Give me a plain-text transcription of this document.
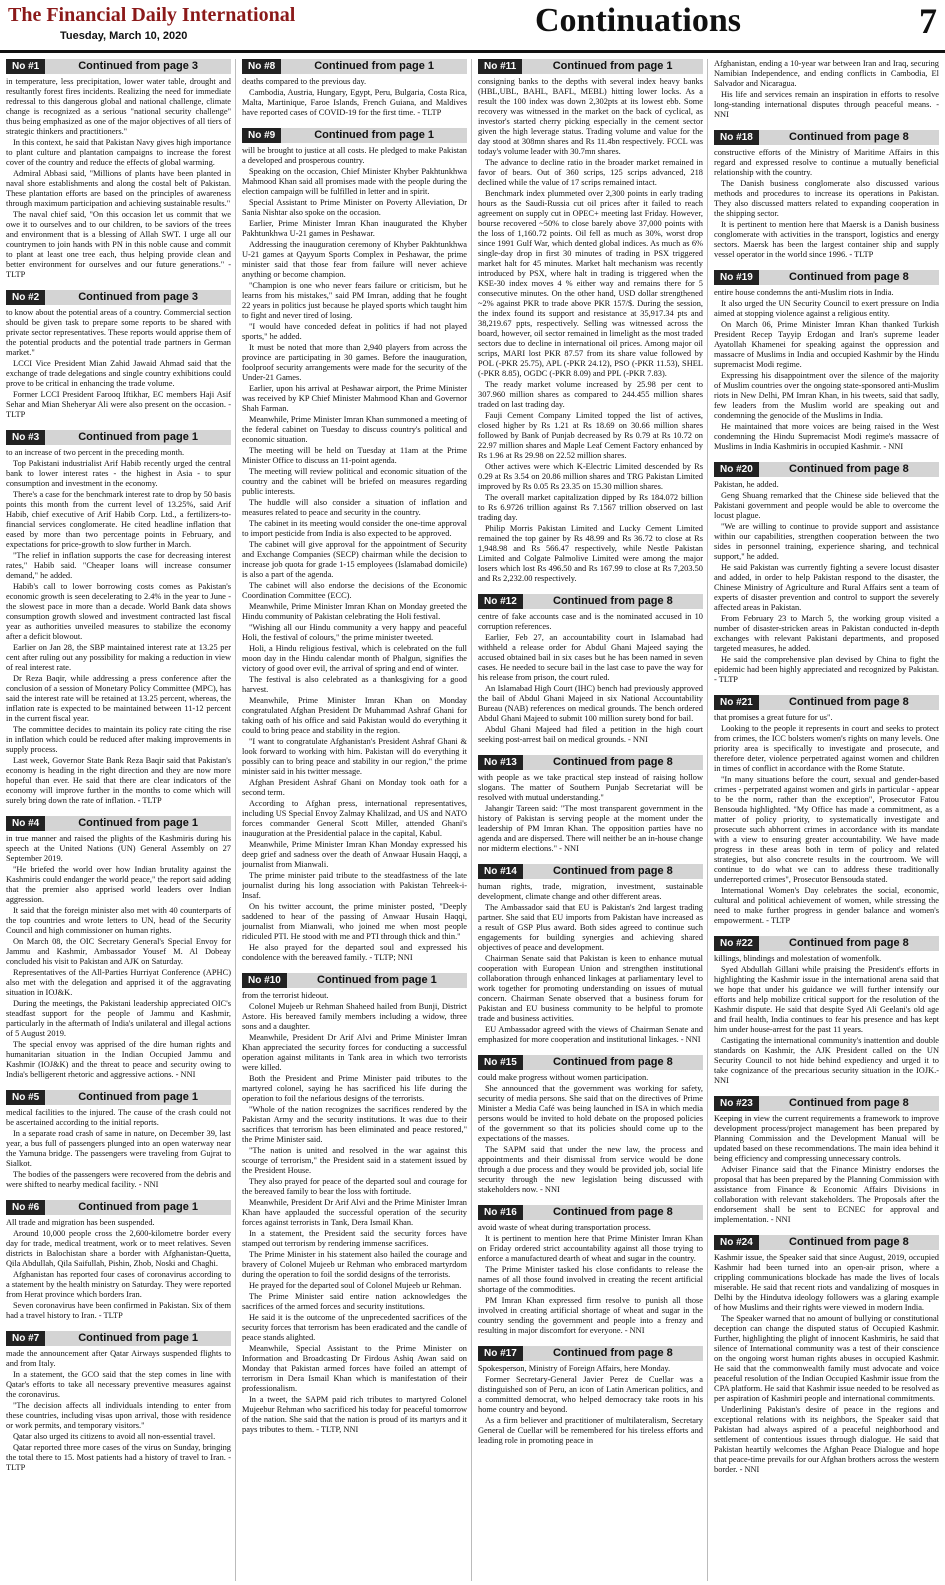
The Financial Daily International
Tuesday, March 10, 2020	Continuations	7
No #1	Continued from page 3

in temperature, less precipitation, lower water table, drought and resultantly forest fires incidents. Realizing the need for immediate redressal to this dangerous global and national challenge, climate change is recognized as a serious "national security challenge" thus being emphasized as one of the major objectives of all tiers of strategic thinkers and practitioners."

In this context, he said that Pakistan Navy gives high importance to plant culture and plantation campaigns to increase the forest cover of the country and reduce the effects of global warming.

Admiral Abbasi said, "Millions of plants have been planted in naval shore establishments and along the costal belt of Pakistan. These plantation efforts are based on the principles of awareness through maximum participation and achieving sustainable results."

The naval chief said, "On this occasion let us commit that we owe it to ourselves and to our children, to be saviors of the trees and environment that is a blessing of Allah SWT. I urge all our countrymen to join hands with PN in this noble cause and commit to plant at least one tree each, thus helping provide clean and better environment for ourselves and our future generations." - TLTP

No #2	Continued from page 3

to know about the potential areas of a country. Commercial section should be given task to prepare some reports to be shared with private sector representatives. These reports would apprise them of the potential products and the potential trade partners in German market."

LCCI Vice President Mian Zahid Jawaid Ahmad said that the exchange of trade delegations and single country exhibitions could prove to be critical in enhancing the trade volume.

Former LCCI President Farooq Iftikhar, EC members Haji Asif Sehar and Mian Sheheryar Ali were also present on the occasion. - TLTP

No #3	Continued from page 1

to an increase of two percent in the preceding month.

Top Pakistani industrialist Arif Habib recently urged the central bank to lower interest rates - the highest in Asia - to spur consumption and investment in the economy.

There's a case for the benchmark interest rate to drop by 50 basis points this month from the current level of 13.25%, said Arif Habib, chief executive of Arif Habib Corp. Ltd., a fertilizers-to-financial services conglomerate. He cited headline inflation that eased by more than two percentage points in February, and expectations for price-growth to slow further in March.

"The relief in inflation supports the case for decreasing interest rates," Habib said. "Cheaper loans will increase consumer demand," he added.

Habib's call to lower borrowing costs comes as Pakistan's economic growth is seen decelerating to 2.4% in the year to June - the slowest pace in more than a decade. World Bank data shows consumption growth slowed and investment contracted last fiscal year as authorities unveiled measures to stabilize the economy after a deficit blowout.

Earlier on Jan 28, the SBP maintained interest rate at 13.25 per cent after ruling out any possibility for making a reduction in view of real interest rate.

Dr Reza Baqir, while addressing a press conference after the conclusion of a session of Monetary Policy Committee (MPC), has said the interest rate will be retained at 13.25 percent, whereas, the inflation rate is expected to be maintained between 11-12 percent in the current fiscal year.

The committee decides to maintain its policy rate citing the rise in inflation which could be reduced after making improvements in supply process.

Last week, Governor State Bank Reza Baqir said that Pakistan's economy is heading in the right direction and they are now more hopeful than ever. He said that there are clear indicators of the economy will improve further in the months to come which will surely bring down the rate of inflation. - TLTP

No #4	Continued from page 1

in true manner and raised the plights of the Kashmiris during his speech at the United Nations (UN) General Assembly on 27 September 2019.

"He briefed the world over how Indian brutality against the Kashmiris could endanger the world peace," the report said adding that the premier also apprised world leaders over Indian aggression.

It said that the foreign minister also met with 40 counterparts of the top countries and wrote letters to UN, head of the Security Council and high commissioner on human rights.

On March 08, the OIC Secretary General's Special Envoy for Jammu and Kashmir, Ambassador Yousef M. Al Dobeay concluded his visit to Pakistan and AJK on Saturday.

Representatives of the All-Parties Hurriyat Conference (APHC) also met with the delegation and apprised it of the aggravating situation in IOJ&K.

During the meetings, the Pakistani leadership appreciated OIC's steadfast support for the people of Jammu and Kashmir, particularly in the aftermath of India's unilateral and illegal actions of 5 August 2019.

The special envoy was apprised of the dire human rights and humanitarian situation in the Indian Occupied Jammu and Kashmir (IOJ&K) and the threat to peace and security owing to India's belligerent rhetoric and aggressive actions. - NNI

No #5	Continued from page 1

medical facilities to the injured. The cause of the crash could not be ascertained according to the initial reports.

In a separate road crash of same in nature, on December 39, last year, a bus full of passengers plunged into an open waterway near the Yamuna bridge. The passengers were traveling from Gujrat to Sialkot.

The bodies of the passengers were recovered from the debris and were shifted to nearby medical facility. - NNI

No #6	Continued from page 1

All trade and migration has been suspended.

Around 10,000 people cross the 2,600-kilometre border every day for trade, medical treatment, work or to meet relatives. Seven districts in Balochistan share a border with Afghanistan-Quetta, Qila Abdullah, Qila Saifullah, Pishin, Zhob, Noski and Chaghi.

Afghanistan has reported four cases of coronavirus according to a statement by the health ministry on Saturday. They were reported from Herat province which borders Iran.

Seven coronavirus have been confirmed in Pakistan. Six of them had a travel history to Iran. - TLTP

No #7	Continued from page 1

made the announcement after Qatar Airways suspended flights to and from Italy.

In a statement, the GCO said that the step comes in line with Qatar's efforts to take all necessary preventive measures against the coronavirus.

"The decision affects all individuals intending to enter from these countries, including visas upon arrival, those with residence or work permits, and temporary visitors."

Qatar also urged its citizens to avoid all non-essential travel.

Qatar reported three more cases of the virus on Sunday, bringing the total there to 15. Most patients had a history of travel to Iran. - TLTP

No #8	Continued from page 1

deaths compared to the previous day.

Cambodia, Austria, Hungary, Egypt, Peru, Bulgaria, Costa Rica, Malta, Martinique, Faroe Islands, French Guiana, and Maldives have reported cases of COVID-19 for the first time. - TLTP

No #9	Continued from page 1

will be brought to justice at all costs. He pledged to make Pakistan a developed and prosperous country.

Speaking on the occasion, Chief Minister Khyber Pakhtunkhwa Mahmood Khan said all promises made with the people during the election campaign will be fulfilled in letter and in spirit.

Special Assistant to Prime Minister on Poverty Alleviation, Dr Sania Nishtar also spoke on the occasion.

Earlier, Prime Minister Imran Khan inaugurated the Khyber Pakhtunkhwa U-21 games in Peshawar.

Addressing the inauguration ceremony of Khyber Pakhtunkhwa U-21 games at Qayyum Sports Complex in Peshawar, the prime minister said that those fear from failure will never achieve anything or become champion.

"Champion is one who never fears failure or criticism, but he learns from his mistakes," said PM Imran, adding that he fought 22 years in politics just because he played sports which taught him to fight and never tired of losing.

"I would have conceded defeat in politics if had not played sports," he added.

It must be noted that more than 2,940 players from across the province are participating in 30 games. Before the inauguration, foolproof security arrangements were made for the security of the Under-21 Games.

Earlier, upon his arrival at Peshawar airport, the Prime Minister was received by KP Chief Minister Mahmood Khan and Governor Shah Farman.

Meanwhile, Prime Minister Imran Khan summoned a meeting of the federal cabinet on Tuesday to discuss country's political and economic situation.

The meeting will be held on Tuesday at 11am at the Prime Minister Office to discuss an 11-point agenda.

The meeting will review political and economic situation of the country and the cabinet will be briefed on measures regarding public interests.

The huddle will also consider a situation of inflation and measures related to peace and security in the country.

The cabinet in its meeting would consider the one-time approval to import pesticide from India is also expected to be approved.

The cabinet will give approval for the appointment of Security and Exchange Companies (SECP) chairman while the decision to increase job quota for grade 1-15 employees (Islamabad domicile) is also a part of the agenda.

The cabinet will also endorse the decisions of the Economic Coordination Committee (ECC).

Meanwhile, Prime Minister Imran Khan on Monday greeted the Hindu community of Pakistan celebrating the Holi festival.

"Wishing all our Hindu community a very happy and peaceful Holi, the festival of colours," the prime minister tweeted.

Holi, a Hindu religious festival, which is celebrated on the full moon day in the Hindu calendar month of Phalgun, signifies the victory of good over evil, the arrival of spring and end of winter.

The festival is also celebrated as a thanksgiving for a good harvest.

Meanwhile, Prime Minister Imran Khan on Monday congratulated Afghan President Dr Muhammad Ashraf Ghani for taking oath of his office and said Pakistan would do everything it could to bring peace and stability in the region.

"I want to congratulate Afghanistan's President Ashraf Ghani & look forward to working with him. Pakistan will do everything it possibly can to bring peace and stability in our region," the prime minister said in his twitter message.

Afghan President Ashraf Ghani on Monday took oath for a second term.

According to Afghan press, international representatives, including US Special Envoy Zalmay Khalilzad, and US and NATO forces commander General Scott Miller, attended Ghani's inauguration at the Presidential palace in the capital, Kabul.

Meanwhile, Prime Minister Imran Khan Monday expressed his deep grief and sadness over the death of Anwaar Husain Haqqi, a journalist from Mianwali.

The prime minister paid tribute to the steadfastness of the late journalist during his long association with Pakistan Tehreek-i-Insaf.

On his twitter account, the prime minister posted, "Deeply saddened to hear of the passing of Anwaar Husain Haqqi, journalist from Mianwali, who joined me when most people ridiculed PTI. He stood with me and PTI through thick and thin."

He also prayed for the departed soul and expressed his condolence with the bereaved family. - TLTP; NNI

No #10	Continued from page 1

from the terrorist hideout.

Colonel Mujeeb ur Rehman Shaheed hailed from Bunji, District Astore. His bereaved family members including a widow, three sons and a daughter.

Meanwhile, President Dr Arif Alvi and Prime Minister Imran Khan appreciated the security forces for conducting a successful operation against militants in Tank area in which two terrorists were killed.

Both the President and Prime Minister paid tributes to the martyred colonel, saying he has sacrificed his life during the operation to foil the nefarious designs of the terrorists.

"Whole of the nation recognizes the sacrifices rendered by the Pakistan Army and the security institutions. It was due to their sacrifices that terrorism has been eliminated and peace restored," the Prime Minister said.

"The nation is united and resolved in the war against this scourge of terrorism," the President said in a statement issued by the President House.

They also prayed for peace of the departed soul and courage for the bereaved family to bear the loss with fortitude.

Meanwhile, President Dr Arif Alvi and the Prime Minister Imran Khan have applauded the successful operation of the security forces against terrorists in Tank, Dera Ismail Khan.

In a statement, the President said the security forces have stamped out terrorism by rendering immense sacrifices.

The Prime Minister in his statement also hailed the courage and bravery of Colonel Mujeeb ur Rehman who embraced martyrdom during the operation to foil the sordid designs of the terrorists.

He prayed for the departed soul of Colonel Mujeeb ur Rehman.

The Prime Minister said entire nation acknowledges the sacrifices of the armed forces and security institutions.

He said it is the outcome of the unprecedented sacrifices of the security forces that terrorism has been eradicated and the candle of peace stands alighted.

Meanwhile, Special Assistant to the Prime Minister on Information and Broadcasting Dr Firdous Ashiq Awan said on Monday that Pakistan armed forces have foiled an attempt of terrorism in Dera Ismail Khan which is manifestation of their professionalism.

In a tweet, the SAPM paid rich tributes to martyred Colonel Mujeebur Rehman who sacrificed his today for peaceful tomorrow of the nation. She said that the nation is proud of its martyrs and it pays tributes to them. - TLTP, NNI

No #11	Continued from page 1

consigning banks to the depths with several index heavy banks (HBL,UBL, BAHL, BAFL, MEBL) hitting lower locks. As a result the 100 index was down 2,302pts at its lowest ebb. Some recovery was witnessed in the market on the back of cyclical, as investor's started cherry picking especially in the cement sector given the high leverage status. Trading volume and value for the day stood at 308mn shares and Rs 11.4bn respectively. FCCL was today's volume leader with 30.7mn shares.

The advance to decline ratio in the broader market remained in favor of bears. Out of 360 scrips, 125 scrips advanced, 218 declined while the value of 17 scrips remained intact.

Benchmark index plummeted over 2,300 points in early trading hours as the Saudi-Russia cut oil prices after it failed to reach agreement on supply cut in OPEC+ meeting last Friday. However, bourse recovered ~50% to close barely above 37,000 points with the loss of 1,160.72 points. Oil fell as much as 30%, worst drop since 1991 Gulf War, which dented global indices. As much as 6% single-day drop in first 30 minutes of trading in PSX triggered market halt for 45 minutes. Market halt mechanism was recently introduced by PSX, where halt in trading is triggered when the KSE-30 index moves 4 % either way and remains there for 5 consecutive minutes. On the other hand, USD dollar strengthened ~2% against PKR to trade above PKR 157/$. During the session, the index found its support and resistance at 35,917.34 pts and 38,219.67 ppts, respectively. Selling was witnessed across the board, however, oil sector remained in limelight as the most traded sectors due to decline in international oil prices. Among major oil scrips, MARI lost PKR 87.57 from its share value followed by POL (-PKR 25.75), APL (-PKR 24.12), PSO (-PKR 11.53), SHEL (-PKR 8.85), OGDC (-PKR 8.09) and PPL (-PKR 7.83).

The ready market volume increased by 25.98 per cent to 307.960 million shares as compared to 244.455 million shares traded on last trading day.

Fauji Cement Company Limited topped the list of actives, closed higher by Rs 1.21 at Rs 18.69 on 30.66 million shares followed by Bank of Punjab decreased by Rs 0.79 at Rs 10.72 on 22.97 million shares and Maple Leaf Cement Factory enhanced by Rs 1.96 at Rs 29.98 on 22.52 million shares.

Other actives were which K-Electric Limited descended by Rs 0.29 at Rs 3.54 on 20.86 million shares and TRG Pakistan Limited improved by Rs 0.05 Rs 23.35 on 15.30 million shares.

The overall market capitalization dipped by Rs 184.072 billion to Rs 6.9726 trillion against Rs 7.1567 trillion observed on last trading day.

Philip Morris Pakistan Limited and Lucky Cement Limited remained the top gainer by Rs 48.99 and Rs 36.72 to close at Rs 1,948.98 and Rs 566.47 respectively, while Nestle Pakistan Limited and Colgate Palmolive Limited were among the major losers which lost Rs 496.50 and Rs 167.99 to close at Rs 7,203.50 and Rs 2,232.00 respectively.

No #12	Continued from page 8

centre of fake accounts case and is the nominated accused in 10 corruption references.

Earlier, Feb 27, an accountability court in Islamabad had withheld a release order for Abdul Ghani Majeed saying the accused obtained bail in six cases but he has been named in seven cases. He needed to secure bail in the last case to pave the way for his release from prison, the court ruled.

An Islamabad High Court (IHC) bench had previously approved the bail of Abdul Ghani Majeed in six National Accountability Bureau (NAB) references on medical grounds. The bench ordered Abdul Ghani Majeed to submit 100 million surety bond for bail.

Abdul Ghani Majeed had filed a petition in the high court seeking post-arrest bail on medical grounds. - NNI

No #13	Continued from page 8

with people as we take practical step instead of raising hollow slogans. The matter of Southern Punjab Secretariat will be resolved with mutual understanding."

Jahangir Tareen said: "The most transparent government in the history of Pakistan is serving people at the moment under the leadership of PM Imran Khan. The opposition parties have no agenda and are dispersed. There will neither be an in-house change nor midterm elections." - NNI

No #14	Continued from page 8

human rights, trade, migration, investment, sustainable development, climate change and other different areas.

The Ambassador said that EU is Pakistan's 2nd largest trading partner. She said that EU imports from Pakistan have increased as a result of GSP Plus award. Both sides agreed to continue such engagements for building synergies and achieving shared objectives of peace and development.

Chairman Senate said that Pakistan is keen to enhance mutual cooperation with European Union and strengthen institutional collaboration through enhanced linkages at parliamentary level to work together for promoting understanding on issues of mutual concern. Chairman Senate observed that a business forum for Pakistan and EU business community to be helpful to promote trade and business activities.

EU Ambassador agreed with the views of Chairman Senate and emphasized for more cooperation and institutional linkages. - NNI

No #15	Continued from page 8

could make progress without women participation.

She announced that the government was working for safety, security of media persons. She said that on the directives of Prime Minister a Media Café was being launched in ISA in which media persons would be invited to hold debate on the proposed policies of the government so that its policies should come up to the expectations of the masses.

The SAPM said that under the new law, the process and appointments and their dismissal from service would be done through a due process and they would be provided job, social life security through the new legislation being discussed with stakeholders now. - NNI

No #16	Continued from page 8

avoid waste of wheat during transportation process.

It is pertinent to mention here that Prime Minister Imran Khan on Friday ordered strict accountability against all those trying to enforce a manufactured dearth of wheat and sugar in the country.

The Prime Minister tasked his close confidants to release the names of all those found involved in creating the recent artificial shortage of the commodities.

PM Imran Khan expressed firm resolve to punish all those involved in creating artificial shortage of wheat and sugar in the country sending the government and people into a frenzy and resulting in major discomfort for everyone. - NNI

No #17	Continued from page 8

Spokesperson, Ministry of Foreign Affairs, here Monday.

Former Secretary-General Javier Perez de Cuellar was a distinguished son of Peru, an icon of Latin American politics, and a committed democrat, who helped democracy take roots in his home country and beyond.

As a firm believer and practitioner of multilateralism, Secretary General de Cuellar will be remembered for his tireless efforts and leading role in promoting peace in

Afghanistan, ending a 10-year war between Iran and Iraq, securing Namibian Independence, and ending conflicts in Cambodia, El Salvador and Nicaragua.

His life and services remain an inspiration in efforts to resolve long-standing international disputes through peaceful means. - NNI

No #18	Continued from page 8

constructive efforts of the Ministry of Maritime Affairs in this regard and expressed resolve to continue a mutually beneficial relationship with the country.

The Danish business conglomerate also discussed various methods and procedures to increase its operations in Pakistan. They also discussed matters related to expanding cooperation in the shipping sector.

It is pertinent to mention here that Maersk is a Danish business conglomerate with activities in the transport, logistics and energy sectors. Maersk has been the largest container ship and supply vessel operator in the world since 1996. - TLTP

No #19	Continued from page 8

entire house condemns the anti-Muslim riots in India.

It also urged the UN Security Council to exert pressure on India aimed at stopping violence against a religious entity.

On March 06, Prime Minister Imran Khan thanked Turkish President Recep Tayyip Erdogan and Iran's supreme leader Ayatollah Khamenei for speaking against the oppression and massacre of Muslims in India and occupied Kashmir by the Hindu supremacist Modi regime.

Expressing his disappointment over the silence of the majority of Muslim countries over the ongoing state-sponsored anti-Muslim riots in New Delhi, PM Imran Khan, in his tweets, said that sadly, few leaders from the Muslim world are speaking out and condemning the genocide of the Muslims in India.

He maintained that more voices are being raised in the West condemning the Hindu Supremacist Modi regime's massacre of Muslims in India Kashmiris in occupied Kashmir. - NNI

No #20	Continued from page 8

Pakistan, he added.

Geng Shuang remarked that the Chinese side believed that the Pakistani government and people would be able to overcome the locust plague.

"We are willing to continue to provide support and assistance within our capabilities, strengthen cooperation between the two sides in personnel training, experience sharing, and technical support," he added.

He said Pakistan was currently fighting a severe locust disaster and added, in order to help Pakistan respond to the disaster, the Chinese Ministry of Agriculture and Rural Affairs sent a team of experts of disaster prevention and control to support the severely affected areas in Pakistan.

From February 23 to March 5, the working group visited a number of disaster-stricken areas in Pakistan conducted in-depth exchanges with relevant Pakistani departments, and proposed targeted measures, he added.

He said the comprehensive plan devised by China to fight the epidemic had been highly appreciated and recognized by Pakistan. - TLTP

No #21	Continued from page 8

that promises a great future for us".

Looking to the people it represents in court and seeks to protect from crimes, the ICC bolsters women's rights on many levels. One priority area is specifically to investigate and prosecute, and therefore deter, violence perpetrated against women and children in times of conflict in accordance with the Rome Statute.

"In many situations before the court, sexual and gender-based crimes - perpetrated against women and girls in particular - appear to be the norm, rather than the exception", Prosecutor Fatou Bensouda highlighted. "My Office has made a commitment, as a matter of policy priority, to systematically investigate and prosecute such abhorrent crimes in accordance with its mandate with a view to ensuring greater accountability. We have made progress in these areas both in term of policy and related strategies, but also concrete results in the courtroom. We will continue to do what we can to address these traditionally underreported crimes", Prosecutor Bensouda stated.

International Women's Day celebrates the social, economic, cultural and political achievement of women, while stressing the need to make further progress in gender balance and women's empowerment. - TLTP

No #22	Continued from page 8

killings, blindings and molestation of womenfolk.

Syed Abdullah Gillani while praising the President's efforts in highlighting the Kashmir issue in the international arena said that we hope that under his guidance we will further intensify our efforts and help mobilize critical support for the resolution of the Kashmir dispute. He said that despite Syed Ali Geelani's old age and frail health, India continues to fear his presence and has kept him under house-arrest for the past 11 years.

Castigating the international community's inattention and double standards on Kashmir, the AJK President called on the UN Security Council to not hide behind expediency and urged it to take cognizance of the precarious security situation in the IOJK.- NNI

No #23	Continued from page 8

Keeping in view the current requirements a framework to improve development process/project management has been prepared by Planning Commission and the Development Manual will be updated based on these recommendations. The main idea behind it being efficiency and compressing unnecessary controls.

Adviser Finance said that the Finance Ministry endorses the proposal that has been prepared by the Planning Commission with assistance from Finance & Economic Affairs Divisions in collaboration with relevant stakeholders. The Proposals after the endorsement shall be sent to ECNEC for approval and implementation. - NNI

No #24	Continued from page 8

Kashmir issue, the Speaker said that since August, 2019, occupied Kashmir had been turned into an open-air prison, where a crippling communications blockade has made the lives of locals miserable. He said that recent riots and vandalizing of mosques in Delhi by the Hindutva ideology followers was a glaring example of how Muslims and their rights were viewed in modern India.

The Speaker warned that no amount of bullying or constitutional deception can change the disputed status of Occupied Kashmir. Further, highlighting the plight of innocent Kashmiris, he said that silence of International community was a test of their conscience on the ongoing worst human rights abuses in occupied Kashmir. He said that the commonwealth family must advocate and voice peaceful resolution of the Indian Occupied Kashmir issue from the CPA platform. He said that Kashmir issue needed to be resolved as per aspiration of Kashmiri people and international commitments.

Underlining Pakistan's desire of peace in the regions and exceptional relations with its neighbors, the Speaker said that Pakistan had always aspired of a peaceful neighborhood and settlement of contentious issues through dialogue. He said that Pakistan heartily welcomes the Afghan Peace Dialogue and hope that peace-time prevails for our Afghan brothers across the western border. - NNI
